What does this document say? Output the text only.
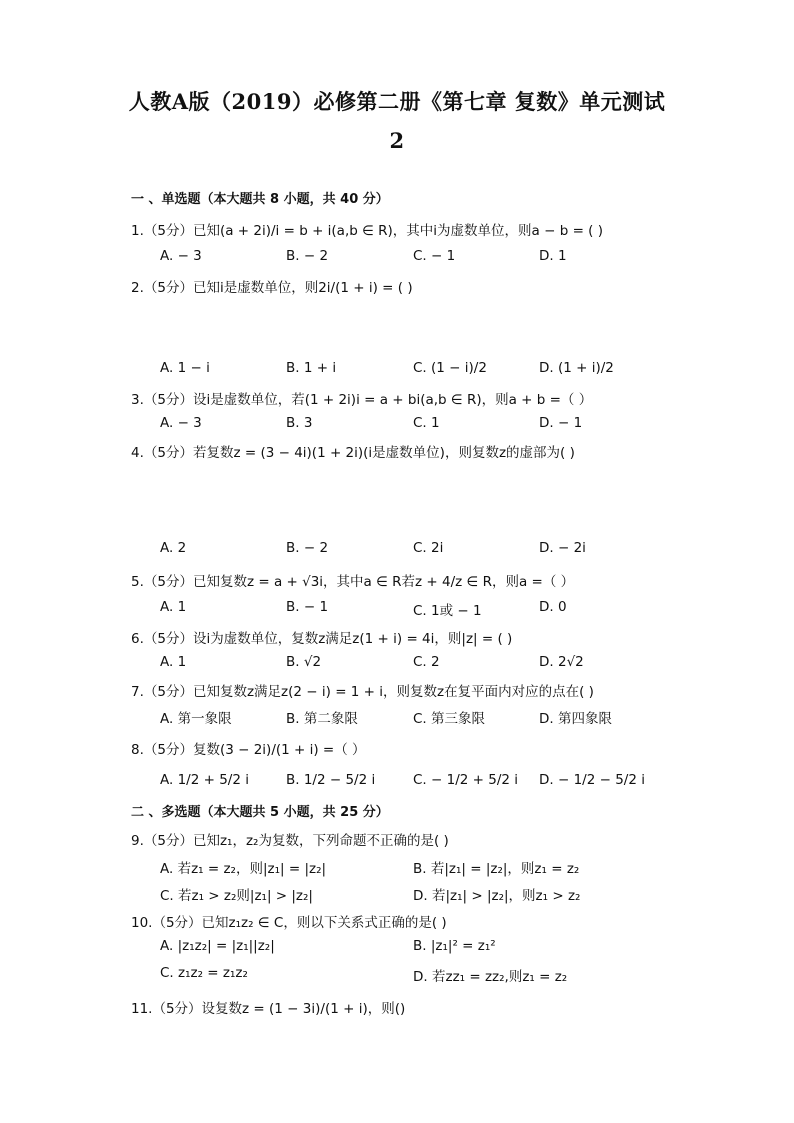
人教A版（2019）必修第二册《第七章 复数》单元测试
2
一 、单选题（本大题共 8 小题，共 40 分）
1.（5分）已知(a + 2i)/i = b + i(a,b ∈ R)，其中i为虚数单位，则a − b = ( )
A. − 3	B. − 2	C. − 1	D. 1
2.（5分）已知i是虚数单位，则2i/(1 + i) = ( )
A. 1 − i	B. 1 + i	C. (1 − i)/2	D. (1 + i)/2
3.（5分）设i是虚数单位，若(1 + 2i)i = a + bi(a,b ∈ R)，则a + b =（ ）
A. − 3	B. 3	C. 1	D. − 1
4.（5分）若复数z = (3 − 4i)(1 + 2i)(i是虚数单位)，则复数z的虚部为( )
A. 2	B. − 2	C. 2i	D. − 2i
5.（5分）已知复数z = a + √3i，其中a ∈ R若z + 4/z ∈ R，则a =（ ）
A. 1	B. − 1	C. 1或 − 1	D. 0
6.（5分）设i为虚数单位，复数z满足z(1 + i) = 4i，则|z| = ( )
A. 1	B. √2	C. 2	D. 2√2
7.（5分）已知复数z满足z(2 − i) = 1 + i，则复数z在复平面内对应的点在( )
A. 第一象限	B. 第二象限	C. 第三象限	D. 第四象限
8.（5分）复数(3 − 2i)/(1 + i) =（ ）
A. 1/2 + 5/2 i	B. 1/2 − 5/2 i	C. − 1/2 + 5/2 i D. − 1/2 − 5/2 i
二 、多选题（本大题共 5 小题，共 25 分）
9.（5分）已知z₁，z₂为复数，下列命题不正确的是( )
A. 若z₁ = z₂，则|z₁| = |z₂|	B. 若|z₁| = |z₂|，则z₁ = z₂
C. 若z₁ > z₂则|z₁| > |z₂|	D. 若|z₁| > |z₂|，则z₁ > z₂
10.（5分）已知z₁z₂ ∈ C，则以下关系式正确的是( )
A. |z₁z₂| = |z₁||z₂|	B. |z₁|² = z₁²
C. z₁z₂ = z₁z₂	D. 若zz₁ = zz₂,则z₁ = z₂
11.（5分）设复数z = (1 − 3i)/(1 + i)，则()
